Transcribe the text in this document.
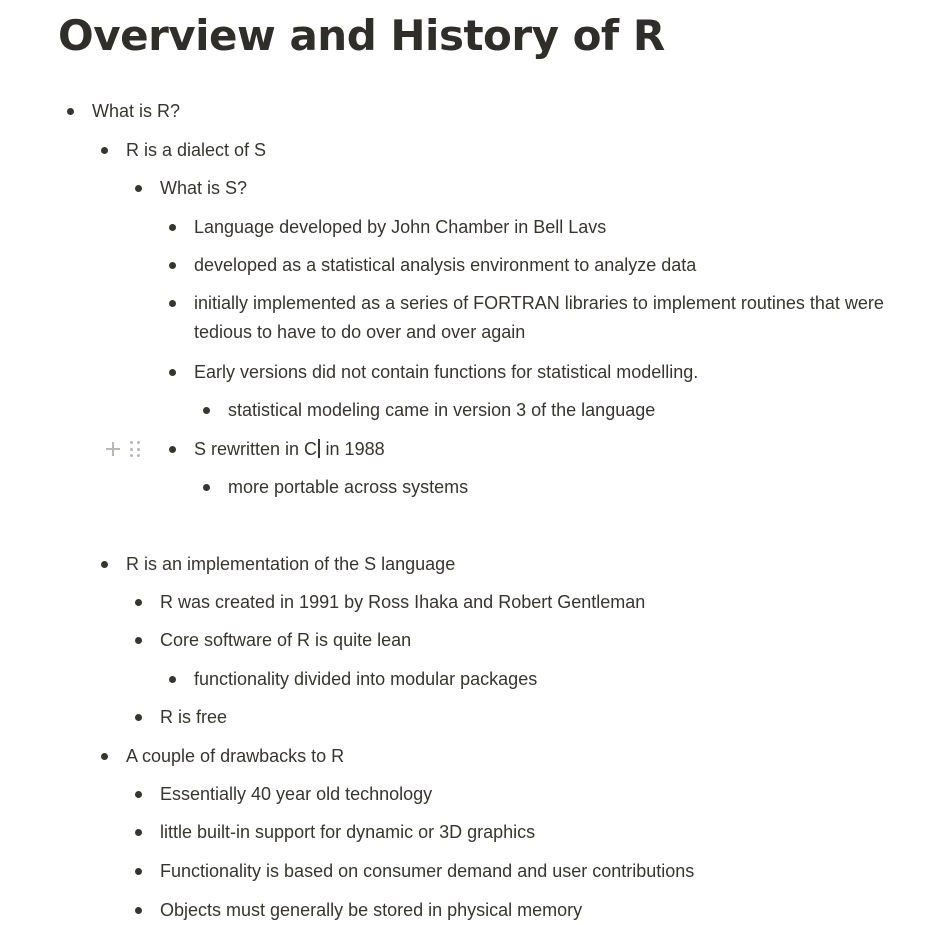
Overview and History of R
What is R?
R is a dialect of S
What is S?
Language developed by John Chamber in Bell Lavs
developed as a statistical analysis environment to analyze data
initially implemented as a series of FORTRAN libraries to implement routines that were tedious to have to do over and over again
Early versions did not contain functions for statistical modelling.
statistical modeling came in version 3 of the language
S rewritten in C in 1988
more portable across systems
R is an implementation of the S language
R was created in 1991 by Ross Ihaka and Robert Gentleman
Core software of R is quite lean
functionality divided into modular packages
R is free
A couple of drawbacks to R
Essentially 40 year old technology
little built-in support for dynamic or 3D graphics
Functionality is based on consumer demand and user contributions
Objects must generally be stored in physical memory
